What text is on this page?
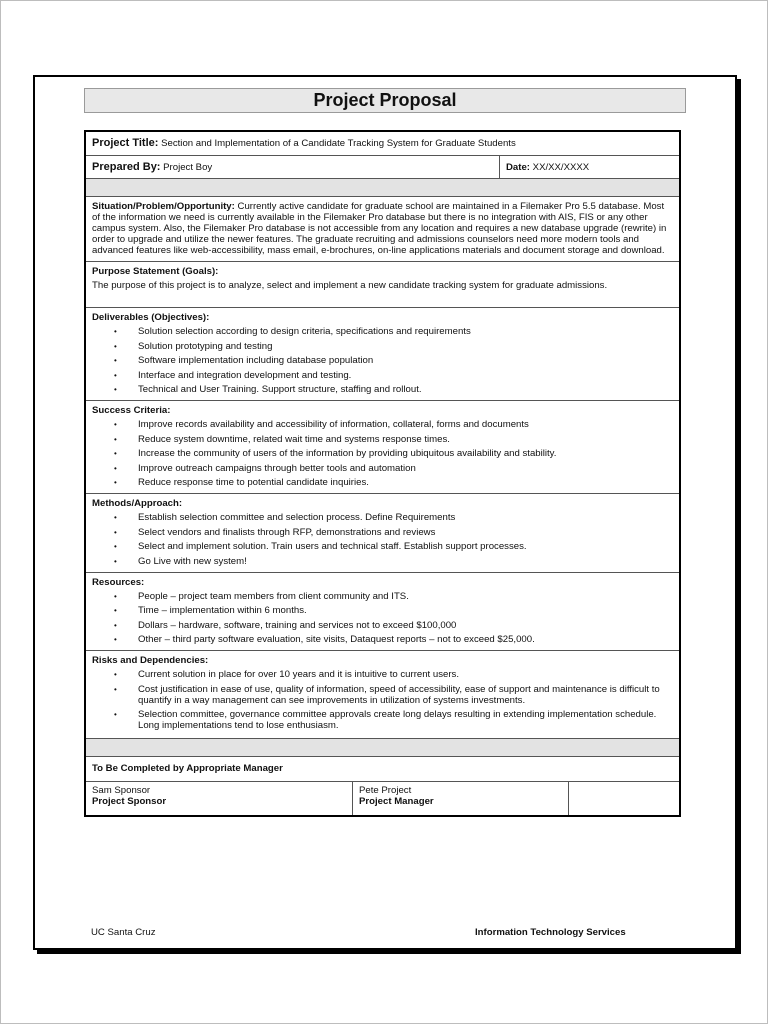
Project Proposal
Project Title: Section and Implementation of a Candidate Tracking System for Graduate Students
Prepared By: Project Boy	Date: XX/XX/XXXX
Situation/Problem/Opportunity: Currently active candidate for graduate school are maintained in a Filemaker Pro 5.5 database. Most of the information we need is currently available in the Filemaker Pro database but there is no integration with AIS, FIS or any other campus system. Also, the Filemaker Pro database is not accessible from any location and requires a new database upgrade (rewrite) in order to upgrade and utilize the newer features. The graduate recruiting and admissions counselors need more modern tools and advanced features like web-accessibility, mass email, e-brochures, on-line applications materials and document storage and download.
Purpose Statement (Goals):
The purpose of this project is to analyze, select and implement a new candidate tracking system for graduate admissions.
Deliverables (Objectives):
• Solution selection according to design criteria, specifications and requirements
• Solution prototyping and testing
• Software implementation including database population
• Interface and integration development and testing.
• Technical and User Training. Support structure, staffing and rollout.
Success Criteria:
• Improve records availability and accessibility of information, collateral, forms and documents
• Reduce system downtime, related wait time and systems response times.
• Increase the community of users of the information by providing ubiquitous availability and stability.
• Improve outreach campaigns through better tools and automation
• Reduce response time to potential candidate inquiries.
Methods/Approach:
• Establish selection committee and selection process. Define Requirements
• Select vendors and finalists through RFP, demonstrations and reviews
• Select and implement solution. Train users and technical staff. Establish support processes.
• Go Live with new system!
Resources:
• People – project team members from client community and ITS.
• Time – implementation within 6 months.
• Dollars – hardware, software, training and services not to exceed $100,000
• Other – third party software evaluation, site visits, Dataquest reports – not to exceed $25,000.
Risks and Dependencies:
• Current solution in place for over 10 years and it is intuitive to current users.
• Cost justification in ease of use, quality of information, speed of accessibility, ease of support and maintenance is difficult to quantify in a way management can see improvements in utilization of systems investments.
• Selection committee, governance committee approvals create long delays resulting in extending implementation schedule. Long implementations tend to lose enthusiasm.
To Be Completed by Appropriate Manager
Sam Sponsor
Project Sponsor
Pete Project
Project Manager
UC Santa Cruz	Information Technology Services
